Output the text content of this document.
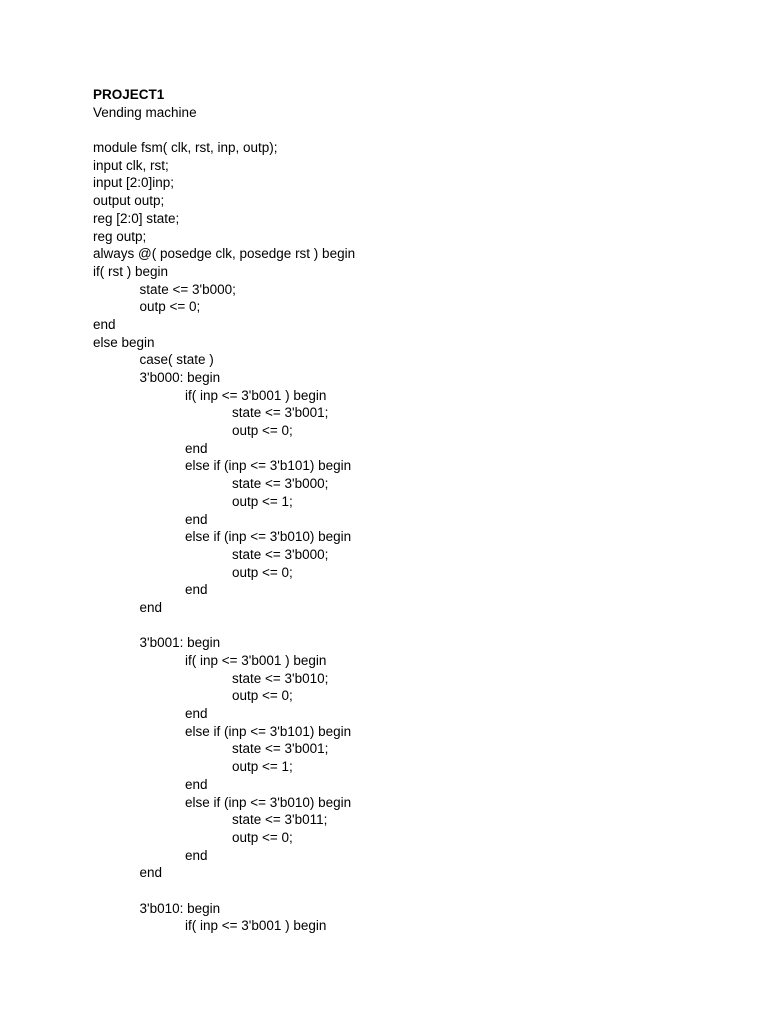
PROJECT1
Vending machine
module fsm( clk, rst, inp, outp);
input clk, rst;
input [2:0]inp;
output outp;
reg [2:0] state;
reg outp;
always @( posedge clk, posedge rst ) begin
if( rst ) begin
state <= 3'b000;
outp <= 0;
end
else begin
case( state )
3'b000: begin
if( inp <= 3'b001 ) begin
state <= 3'b001;
outp <= 0;
end
else if (inp <= 3'b101) begin
state <= 3'b000;
outp <= 1;
end
else if (inp <= 3'b010) begin
state <= 3'b000;
outp <= 0;
end
end
3'b001: begin
if( inp <= 3'b001 ) begin
state <= 3'b010;
outp <= 0;
end
else if (inp <= 3'b101) begin
state <= 3'b001;
outp <= 1;
end
else if (inp <= 3'b010) begin
state <= 3'b011;
outp <= 0;
end
end
3'b010: begin
if( inp <= 3'b001 ) begin
